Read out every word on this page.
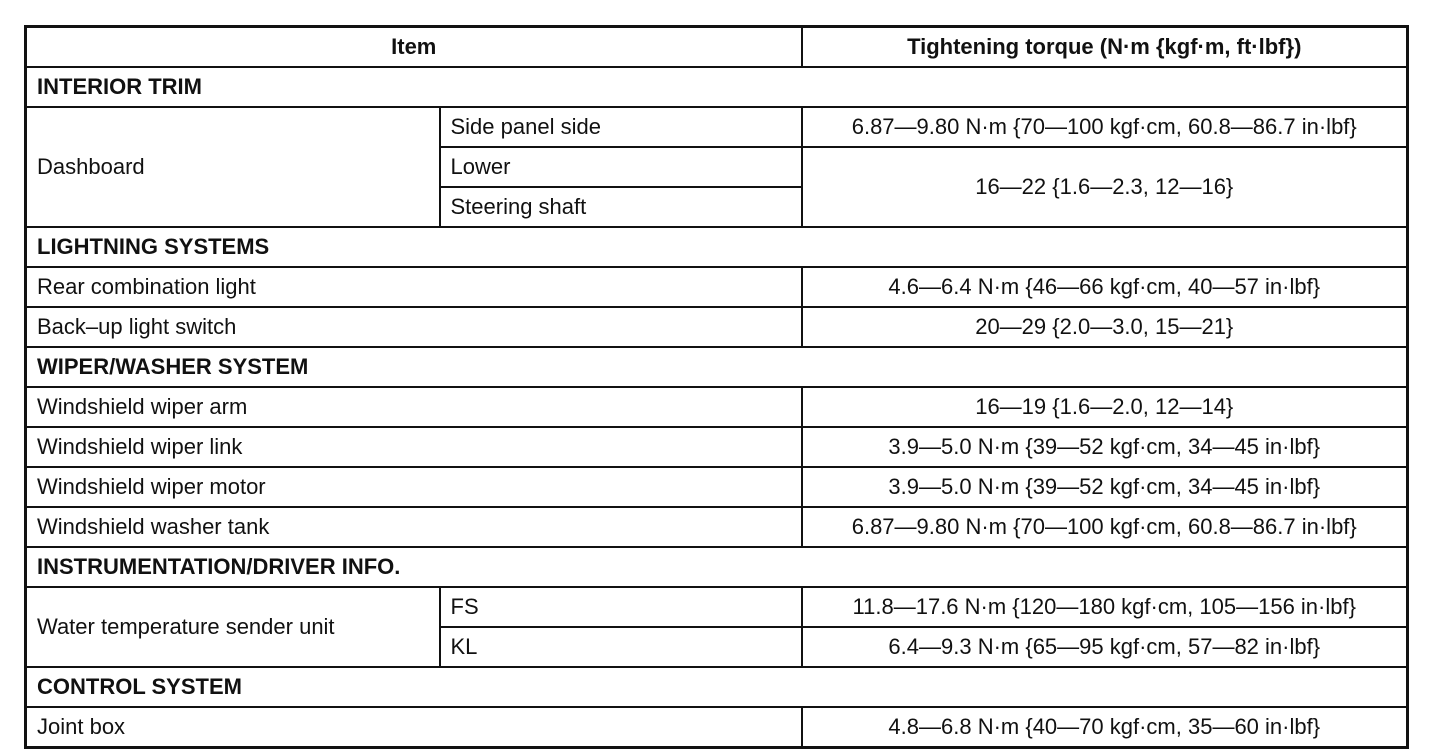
Item		Tightening torque (N·m {kgf·m, ft·lbf})
INTERIOR TRIM		
Dashboard	Side panel side	6.87—9.80 N·m {70—100 kgf·cm, 60.8—86.7 in·lbf}
	Lower	16—22 {1.6—2.3, 12—16}
	Steering shaft	
LIGHTNING SYSTEMS		
Rear combination light		4.6—6.4 N·m {46—66 kgf·cm, 40—57 in·lbf}
Back–up light switch		20—29 {2.0—3.0, 15—21}
WIPER/WASHER SYSTEM		
Windshield wiper arm		16—19 {1.6—2.0, 12—14}
Windshield wiper link		3.9—5.0 N·m {39—52 kgf·cm, 34—45 in·lbf}
Windshield wiper motor		3.9—5.0 N·m {39—52 kgf·cm, 34—45 in·lbf}
Windshield washer tank		6.87—9.80 N·m {70—100 kgf·cm, 60.8—86.7 in·lbf}
INSTRUMENTATION/DRIVER INFO.		
Water temperature sender unit	FS	11.8—17.6 N·m {120—180 kgf·cm, 105—156 in·lbf}
	KL	6.4—9.3 N·m {65—95 kgf·cm, 57—82 in·lbf}
CONTROL SYSTEM		
Joint box		4.8—6.8 N·m {40—70 kgf·cm, 35—60 in·lbf}
